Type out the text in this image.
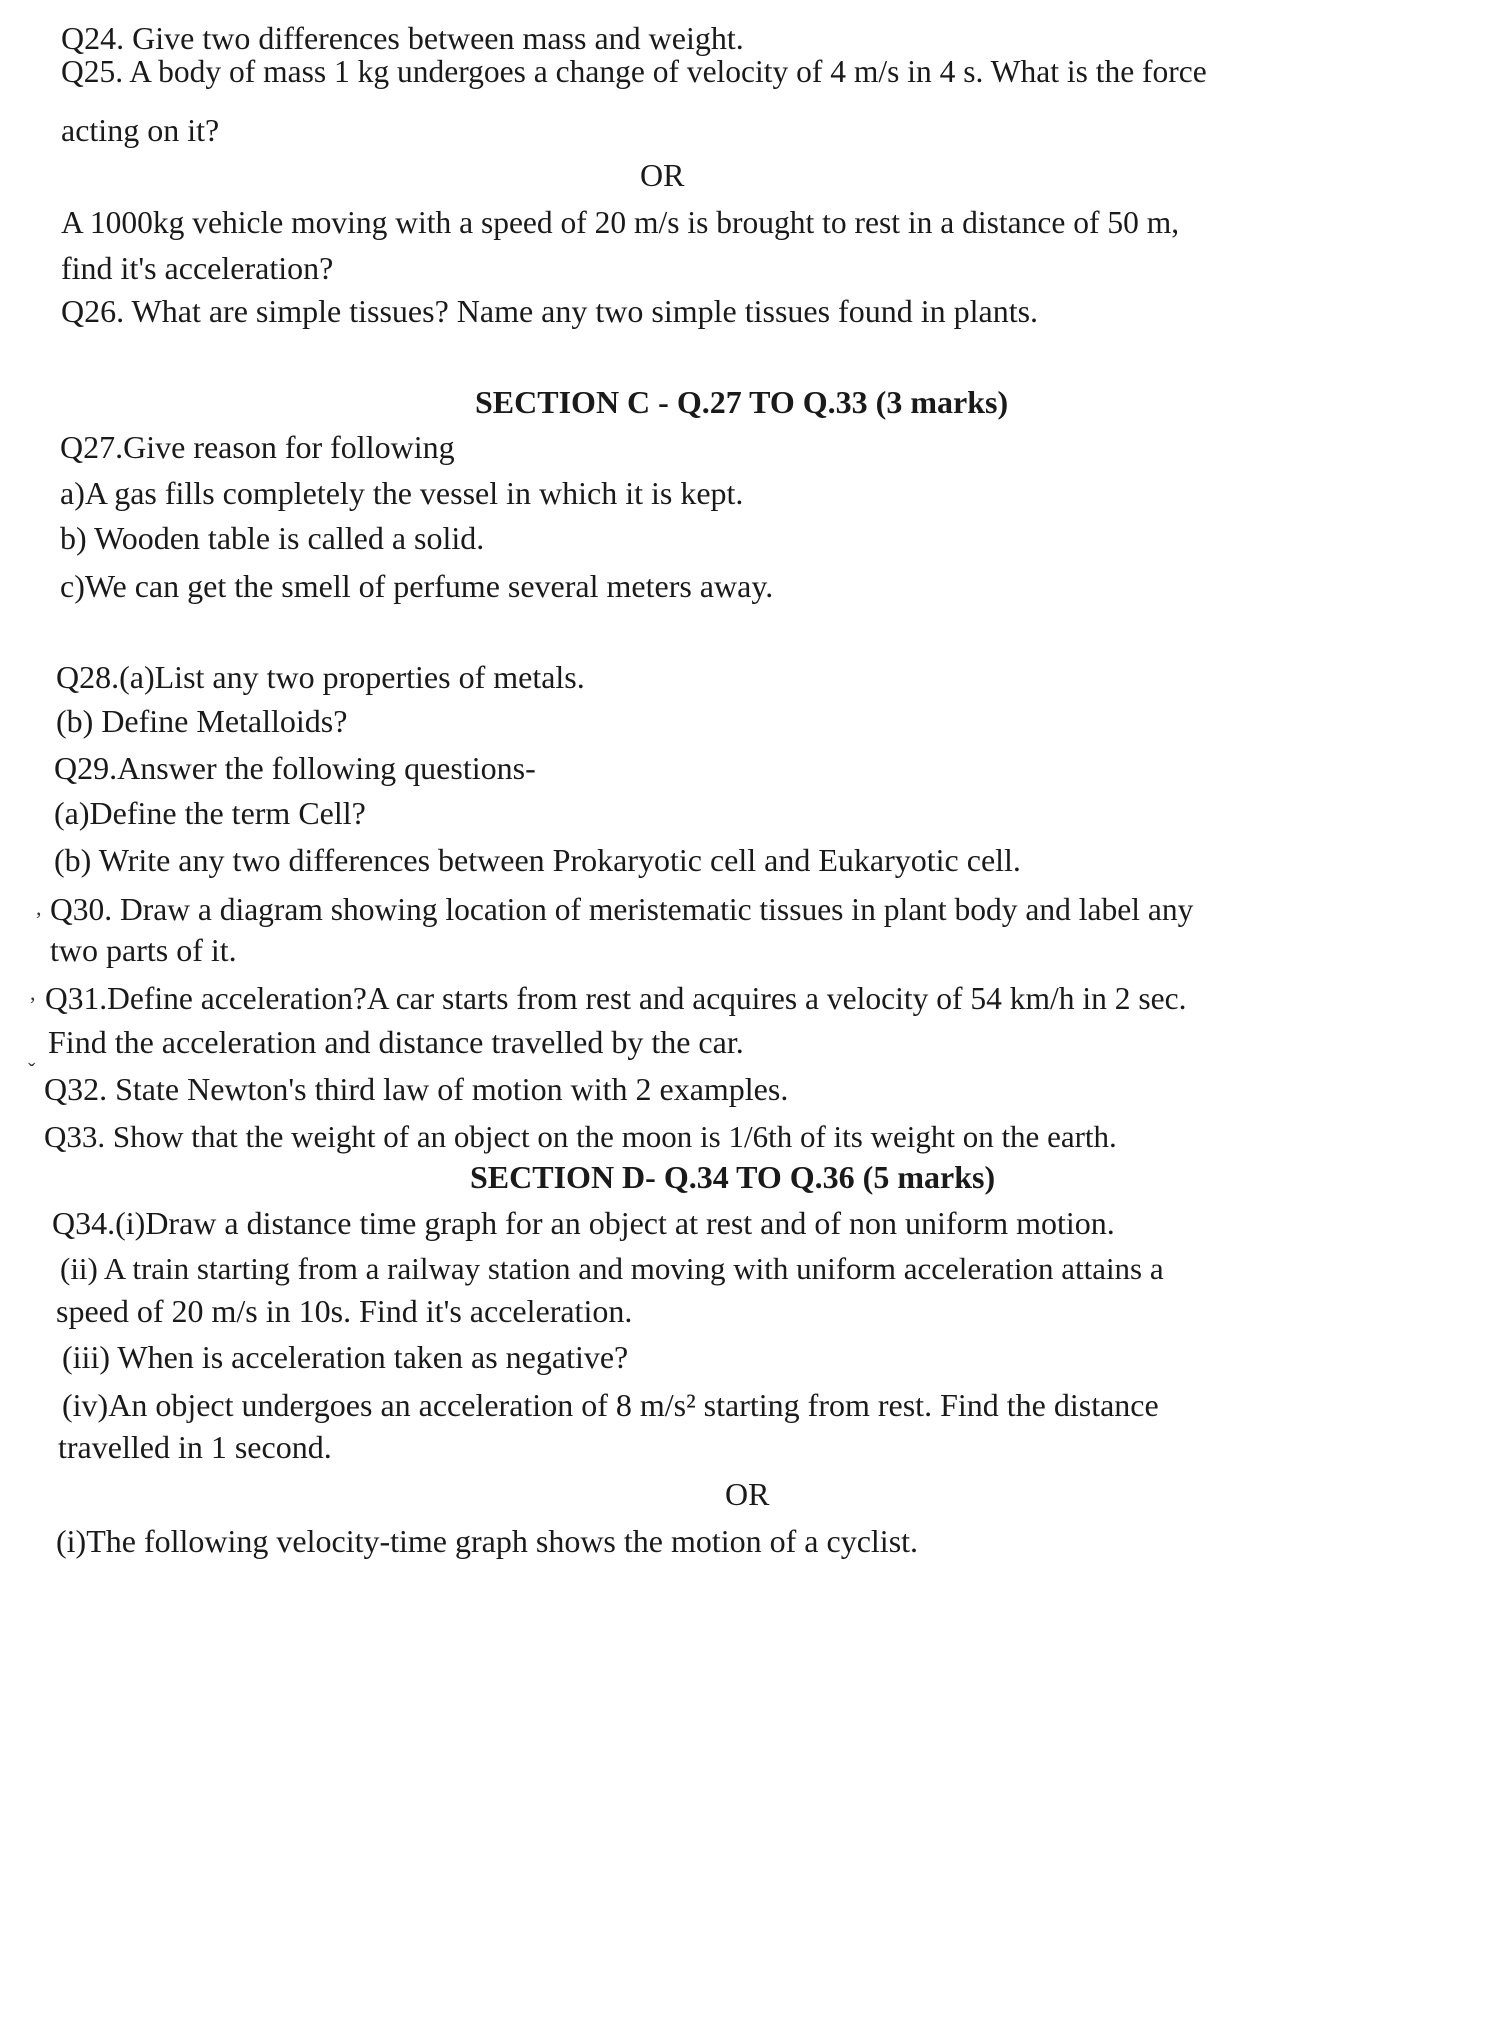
Q24. Give two differences between mass and weight.
Q25. A body of mass 1 kg undergoes a change of velocity of 4 m/s in 4 s. What is the force
acting on it?
OR
A 1000kg vehicle moving with a speed of 20 m/s is brought to rest in a distance of 50 m,
find it's acceleration?
Q26. What are simple tissues? Name any two simple tissues found in plants.
SECTION C - Q.27 TO Q.33 (3 marks)
Q27.Give reason for following
a)A gas fills completely the vessel in which it is kept.
b) Wooden table is called a solid.
c)We can get the smell of perfume several meters away.
Q28.(a)List any two properties of metals.
(b) Define Metalloids?
Q29.Answer the following questions-
(a)Define the term Cell?
(b) Write any two differences between Prokaryotic cell and Eukaryotic cell.
, Q30. Draw a diagram showing location of meristematic tissues in plant body and label any
two parts of it.
, Q31.Define acceleration?A car starts from rest and acquires a velocity of 54 km/h in 2 sec.
Find the acceleration and distance travelled by the car.
ˇ
Q32. State Newton's third law of motion with 2 examples.
Q33. Show that the weight of an object on the moon is 1/6th of its weight on the earth.
SECTION D- Q.34 TO Q.36 (5 marks)
Q34.(i)Draw a distance time graph for an object at rest and of non uniform motion.
(ii) A train starting from a railway station and moving with uniform acceleration attains a
speed of 20 m/s in 10s. Find it's acceleration.
(iii) When is acceleration taken as negative?
(iv)An object undergoes an acceleration of 8 m/s² starting from rest. Find the distance
travelled in 1 second.
OR
(i)The following velocity-time graph shows the motion of a cyclist.
